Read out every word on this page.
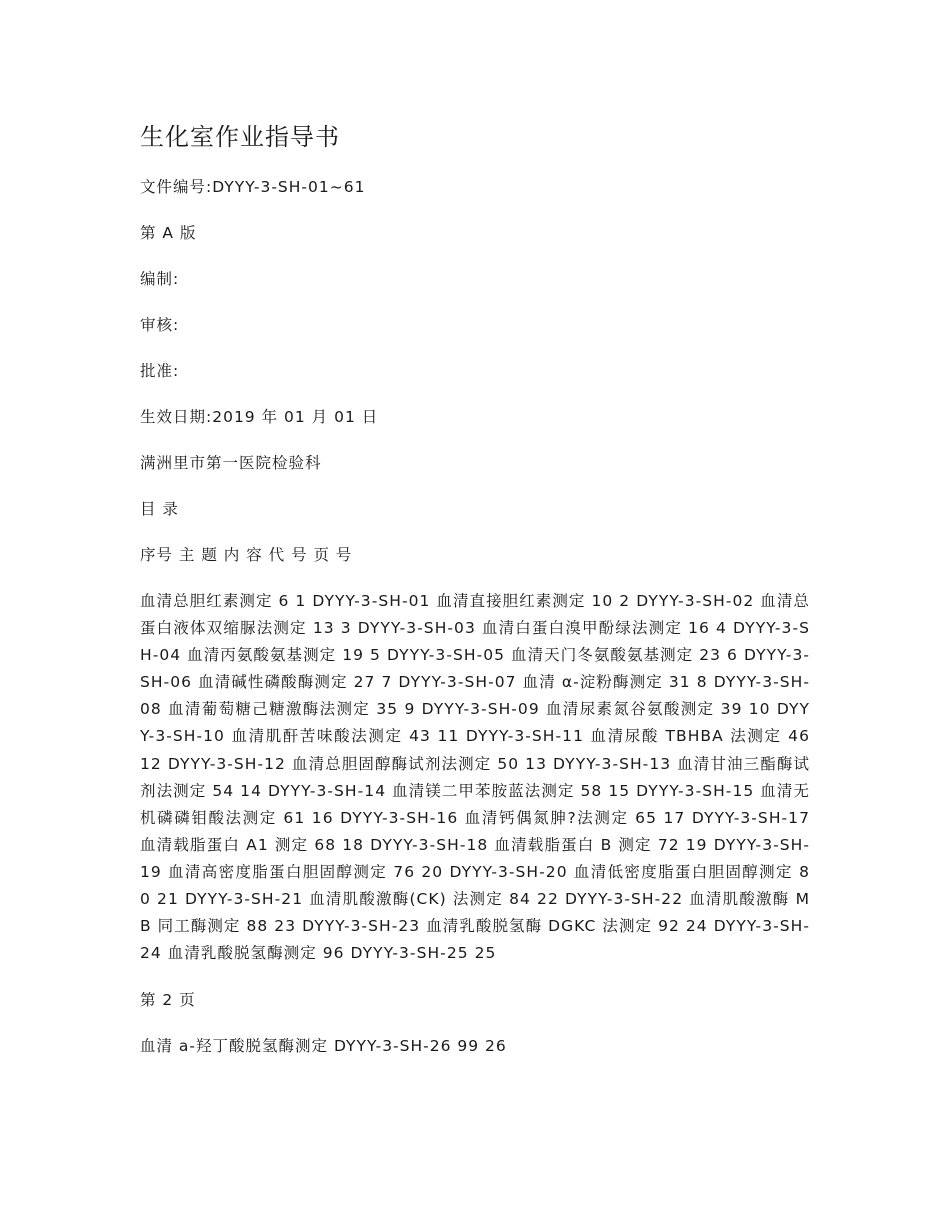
生化室作业指导书
文件编号:DYYY-3-SH-01~61
第 A 版
编制:
审核:
批准:
生效日期:2019 年 01 月 01 日
满洲里市第一医院检验科
目 录
序号 主 题 内 容 代 号 页 号
血清总胆红素测定 6 1 DYYY-3-SH-01 血清直接胆红素测定 10 2 DYYY-3-SH-02 血清总蛋白液体双缩脲法测定 13 3 DYYY-3-SH-03 血清白蛋白溴甲酚绿法测定 16 4 DYYY-3-SH-04 血清丙氨酸氨基测定 19 5 DYYY-3-SH-05 血清天门冬氨酸氨基测定 23 6 DYYY-3-SH-06 血清碱性磷酸酶测定 27 7 DYYY-3-SH-07 血清 α-淀粉酶测定 31 8 DYYY-3-SH-08 血清葡萄糖己糖激酶法测定 35 9 DYYY-3-SH-09 血清尿素氮谷氨酸测定 39 10 DYYY-3-SH-10 血清肌酐苦味酸法测定 43 11 DYYY-3-SH-11 血清尿酸 TBHBA 法测定 46 12 DYYY-3-SH-12 血清总胆固醇酶试剂法测定 50 13 DYYY-3-SH-13 血清甘油三酯酶试剂法测定 54 14 DYYY-3-SH-14 血清镁二甲苯胺蓝法测定 58 15 DYYY-3-SH-15 血清无机磷磷钼酸法测定 61 16 DYYY-3-SH-16 血清钙偶氮胂?法测定 65 17 DYYY-3-SH-17 血清载脂蛋白 A1 测定 68 18 DYYY-3-SH-18 血清载脂蛋白 B 测定 72 19 DYYY-3-SH-19 血清高密度脂蛋白胆固醇测定 76 20 DYYY-3-SH-20 血清低密度脂蛋白胆固醇测定 80 21 DYYY-3-SH-21 血清肌酸激酶(CK) 法测定 84 22 DYYY-3-SH-22 血清肌酸激酶 MB 同工酶测定 88 23 DYYY-3-SH-23 血清乳酸脱氢酶 DGKC 法测定 92 24 DYYY-3-SH-24 血清乳酸脱氢酶测定 96 DYYY-3-SH-25 25
第 2 页
血清 a-羟丁酸脱氢酶测定 DYYY-3-SH-26 99 26
